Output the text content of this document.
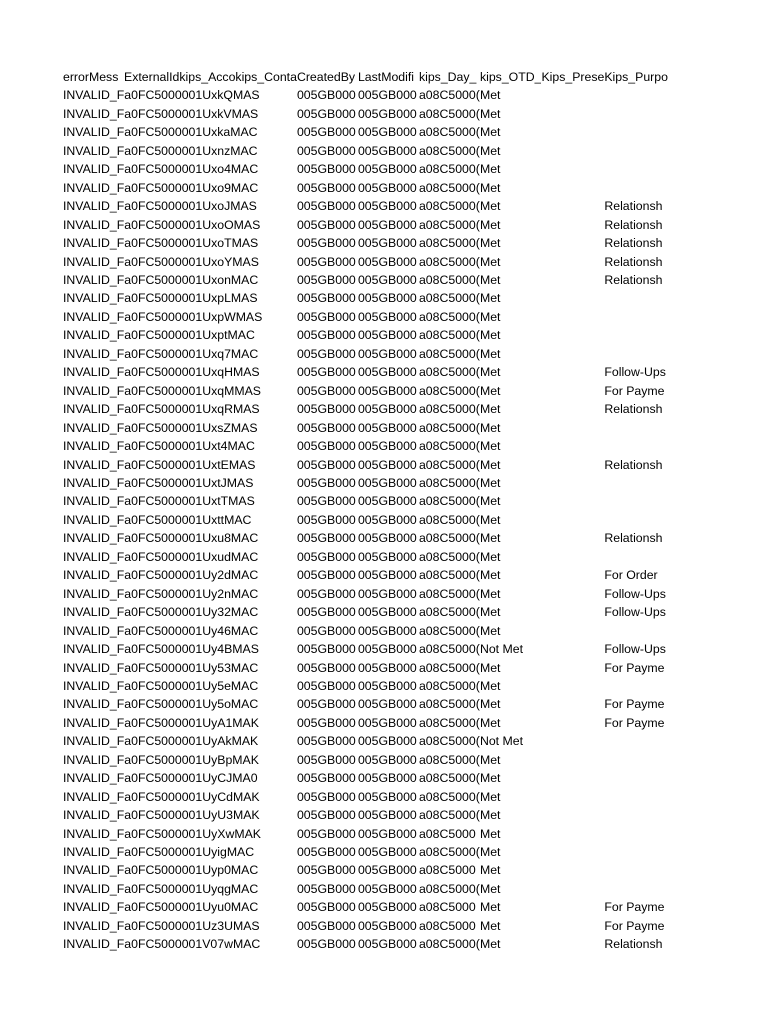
errorMess	ExternalId	kips_Acco	kips_Conta	CreatedBy	LastModifi	kips_Day_	kips_OTD_	Kips_Prese	Kips_Purpo
INVALID_Fa0FC5000001UxkQMAS				005GB000	005GB000	a08C5000(	Met		
INVALID_Fa0FC5000001UxkVMAS				005GB000	005GB000	a08C5000(	Met		
INVALID_Fa0FC5000001UxkaMAC				005GB000	005GB000	a08C5000(	Met		
INVALID_Fa0FC5000001UxnzMAC				005GB000	005GB000	a08C5000(	Met		
INVALID_Fa0FC5000001Uxo4MAC				005GB000	005GB000	a08C5000(	Met		
INVALID_Fa0FC5000001Uxo9MAC				005GB000	005GB000	a08C5000(	Met		
INVALID_Fa0FC5000001UxoJMAS				005GB000	005GB000	a08C5000(	Met		Relationsh
INVALID_Fa0FC5000001UxoOMAS				005GB000	005GB000	a08C5000(	Met		Relationsh
INVALID_Fa0FC5000001UxoTMAS				005GB000	005GB000	a08C5000(	Met		Relationsh
INVALID_Fa0FC5000001UxoYMAS				005GB000	005GB000	a08C5000(	Met		Relationsh
INVALID_Fa0FC5000001UxonMAC				005GB000	005GB000	a08C5000(	Met		Relationsh
INVALID_Fa0FC5000001UxpLMAS				005GB000	005GB000	a08C5000(	Met		
INVALID_Fa0FC5000001UxpWMAS				005GB000	005GB000	a08C5000(	Met		
INVALID_Fa0FC5000001UxptMAC				005GB000	005GB000	a08C5000(	Met		
INVALID_Fa0FC5000001Uxq7MAC				005GB000	005GB000	a08C5000(	Met		
INVALID_Fa0FC5000001UxqHMAS				005GB000	005GB000	a08C5000(	Met		Follow-Ups
INVALID_Fa0FC5000001UxqMMAS				005GB000	005GB000	a08C5000(	Met		For Payme
INVALID_Fa0FC5000001UxqRMAS				005GB000	005GB000	a08C5000(	Met		Relationsh
INVALID_Fa0FC5000001UxsZMAS				005GB000	005GB000	a08C5000(	Met		
INVALID_Fa0FC5000001Uxt4MAC				005GB000	005GB000	a08C5000(	Met		
INVALID_Fa0FC5000001UxtEMAS				005GB000	005GB000	a08C5000(	Met		Relationsh
INVALID_Fa0FC5000001UxtJMAS				005GB000	005GB000	a08C5000(	Met		
INVALID_Fa0FC5000001UxtTMAS				005GB000	005GB000	a08C5000(	Met		
INVALID_Fa0FC5000001UxttMAC				005GB000	005GB000	a08C5000(	Met		
INVALID_Fa0FC5000001Uxu8MAC				005GB000	005GB000	a08C5000(	Met		Relationsh
INVALID_Fa0FC5000001UxudMAC				005GB000	005GB000	a08C5000(	Met		
INVALID_Fa0FC5000001Uy2dMAC				005GB000	005GB000	a08C5000(	Met		For Order
INVALID_Fa0FC5000001Uy2nMAC				005GB000	005GB000	a08C5000(	Met		Follow-Ups
INVALID_Fa0FC5000001Uy32MAC				005GB000	005GB000	a08C5000(	Met		Follow-Ups
INVALID_Fa0FC5000001Uy46MAC				005GB000	005GB000	a08C5000(	Met		
INVALID_Fa0FC5000001Uy4BMAS				005GB000	005GB000	a08C5000(	Not Met		Follow-Ups
INVALID_Fa0FC5000001Uy53MAC				005GB000	005GB000	a08C5000(	Met		For Payme
INVALID_Fa0FC5000001Uy5eMAC				005GB000	005GB000	a08C5000(	Met		
INVALID_Fa0FC5000001Uy5oMAC				005GB000	005GB000	a08C5000(	Met		For Payme
INVALID_Fa0FC5000001UyA1MAK				005GB000	005GB000	a08C5000(	Met		For Payme
INVALID_Fa0FC5000001UyAkMAK				005GB000	005GB000	a08C5000(	Not Met		
INVALID_Fa0FC5000001UyBpMAK				005GB000	005GB000	a08C5000(	Met		
INVALID_Fa0FC5000001UyCJMA0				005GB000	005GB000	a08C5000(	Met		
INVALID_Fa0FC5000001UyCdMAK				005GB000	005GB000	a08C5000(	Met		
INVALID_Fa0FC5000001UyU3MAK				005GB000	005GB000	a08C5000(	Met		
INVALID_Fa0FC5000001UyXwMAK				005GB000	005GB000	a08C5000	Met		
INVALID_Fa0FC5000001UyigMAC				005GB000	005GB000	a08C5000(	Met		
INVALID_Fa0FC5000001Uyp0MAC				005GB000	005GB000	a08C5000	Met		
INVALID_Fa0FC5000001UyqgMAC				005GB000	005GB000	a08C5000(	Met		
INVALID_Fa0FC5000001Uyu0MAC				005GB000	005GB000	a08C5000	Met		For Payme
INVALID_Fa0FC5000001Uz3UMAS				005GB000	005GB000	a08C5000	Met		For Payme
INVALID_Fa0FC5000001V07wMAC				005GB000	005GB000	a08C5000(	Met		Relationsh
